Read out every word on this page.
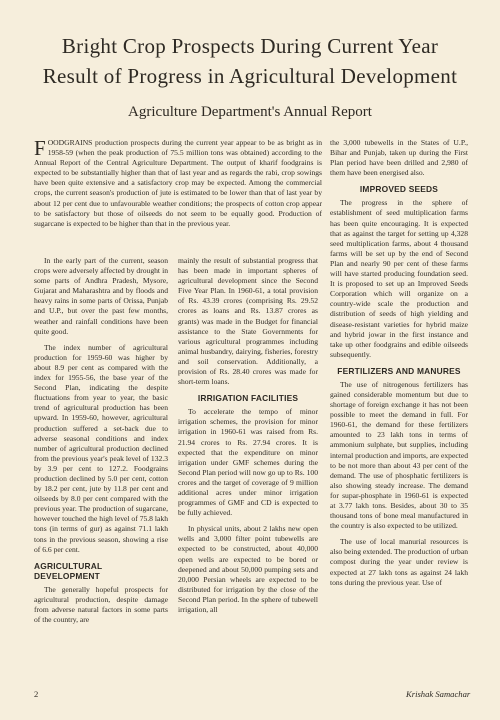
Bright Crop Prospects During Current Year
Result of Progress in Agricultural Development
Agriculture Department's Annual Report

FOODGRAINS production prospects during the current year appear to be as bright as in 1958-59 (when the peak production of 75.5 million tons was obtained) according to the Annual Report of the Central Agriculture Department. The output of kharif foodgrains is expected to be substantially higher than that of last year and as regards the rabi, crop sowings have been quite extensive and a satisfactory crop may be expected. Among the commercial crops, the current season's production of jute is estimated to be lower than that of last year by about 12 per cent due to unfavourable weather conditions; the prospects of cotton crop appear to be satisfactory but those of oilseeds do not seem to be equally good. Production of sugarcane is expected to be higher than that in the previous year.

In the early part of the current, season crops were adversely affected by drought in some parts of Andhra Pradesh, Mysore, Gujarat and Maharashtra and by floods and heavy rains in some parts of Orissa, Punjab and U.P., but over the past few months, weather and rainfall conditions have been quite good.

The index number of agricultural production for 1959-60 was higher by about 8.9 per cent as compared with the index for 1955-56, the base year of the Second Plan, indicating the despite fluctuations from year to year, the basic trend of agricultural production has been upward. In 1959-60, however, agricultural production suffered a set-back due to adverse seasonal conditions and index number of agricultural production declined from the previous year's peak level of 132.3 by 3.9 per cent to 127.2. Foodgrains production declined by 5.0 per cent, cotton by 18.2 per cent, jute by 11.8 per cent and oilseeds by 8.0 per cent compared with the previous year. The production of sugarcane, however touched the high level of 75.8 lakh tons (in terms of gur) as against 71.1 lakh tons in the previous season, showing a rise of 6.6 per cent.

AGRICULTURAL DEVELOPMENT

The generally hopeful prospects for agricultural production, despite damage from adverse natural factors in some parts of the country, are

mainly the result of substantial progress that has been made in important spheres of agricultural development since the Second Five Year Plan. In 1960-61, a total provision of Rs. 43.39 crores (comprising Rs. 29.52 crores as loans and Rs. 13.87 crores as grants) was made in the Budget for financial assistance to the State Governments for various agricultural programmes including animal husbandry, dairying, fisheries, forestry and soil conservation. Additionally, a provision of Rs. 28.40 crores was made for short-term loans.

IRRIGATION FACILITIES

To accelerate the tempo of minor irrigation schemes, the provision for minor irrigation in 1960-61 was raised from Rs. 21.94 crores to Rs. 27.94 crores. It is expected that the expenditure on minor irrigation under GMF schemes during the Second Plan period will now go up to Rs. 100 crores and the target of coverage of 9 million additional acres under minor irrigation programmes of GMF and CD is expected to be fully achieved.

In physical units, about 2 lakhs new open wells and 3,000 filter point tubewells are expected to be constructed, about 40,000 open wells are expected to be bored or deepened and about 50,000 pumping sets and 20,000 Persian wheels are expected to be distributed for irrigation by the close of the Second Plan period. In the sphere of tubewell irrigation, all

the 3,000 tubewells in the States of U.P., Bihar and Punjab, taken up during the First Plan period have been drilled and 2,980 of them have been energised also.

IMPROVED SEEDS

The progress in the sphere of establishment of seed multiplication farms has been quite encouraging. It is expected that as against the target for setting up 4,328 seed multiplication farms, about 4 thousand farms will be set up by the end of Second Plan and nearly 90 per cent of these farms will have started producing foundation seed. It is proposed to set up an Improved Seeds Corporation which will organize on a country-wide scale the production and distribution of seeds of high yielding and disease-resistant varieties for hybrid maize and hybrid jowar in the first instance and take up other foodgrains and edible oilseeds subsequently.

FERTILIZERS AND MANURES

The use of nitrogenous fertilizers has gained considerable momentum but due to shortage of foreign exchange it has not been possible to meet the demand in full. For 1960-61, the demand for these fertilizers amounted to 23 lakh tons in terms of ammonium sulphate, but supplies, including internal production and imports, are expected to be not more than about 43 per cent of the demand. The use of phosphatic fertilizers is also showing steady increase. The demand for supar-phosphate in 1960-61 is expected at 3.77 lakh tons. Besides, about 30 to 35 thousand tons of bone meal manufactured in the country is also expected to be utilized.

The use of local manurial resources is also being extended. The production of urban compost during the year under review is expected at 27 lakh tons as against 24 lakh tons during the previous year. Use of

2	Krishak Samachar
